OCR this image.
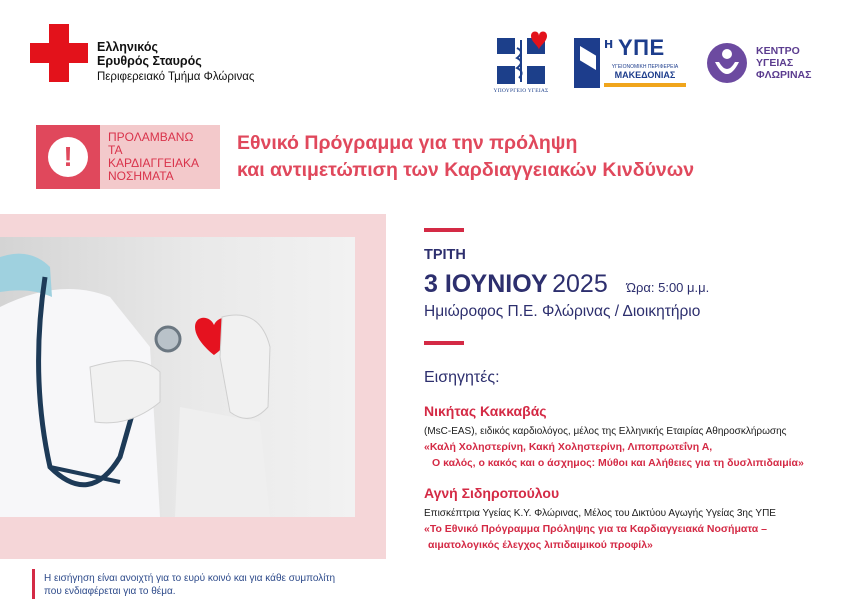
Ελληνικός
Ερυθρός Σταυρός
Περιφερειακό Τμήμα Φλώρινας
ΥΠΟΥΡΓΕΙΟ ΥΓΕΙΑΣ
Η ΥΠΕ
ΥΓΕΙΟΝΟΜΙΚΗ ΠΕΡΙΦΕΡΕΙΑ
ΜΑΚΕΔΟΝΙΑΣ
ΚΕΝΤΡΟ
ΥΓΕΙΑΣ
ΦΛΩΡΙΝΑΣ
!
ΠΡΟΛΑΜΒΑΝΩ
ΤΑ
ΚΑΡΔΙΑΓΓΕΙΑΚΑ
ΝΟΣΗΜΑΤΑ
Εθνικό Πρόγραμμα για την πρόληψη
και αντιμετώπιση των Καρδιαγγειακών Κινδύνων
ΤΡΙΤΗ
3 ΙΟΥΝΙΟΥ 2025 Ώρα: 5:00 μ.μ.
Ημιώροφος Π.Ε. Φλώρινας / Διοικητήριο
Εισηγητές:
Νικήτας Κακκαβάς
(MsC-EAS), ειδικός καρδιολόγος, μέλος της Ελληνικής Εταιρίας Αθηροσκλήρωσης
«Καλή Χοληστερίνη, Κακή Χοληστερίνη, Λιποπρωτεΐνη Α,
Ο καλός, ο κακός και ο άσχημος: Μύθοι και Αλήθειες για τη δυσλιπιδαιμία»
Αγνή Σιδηροπούλου
Επισκέπτρια Υγείας Κ.Υ. Φλώρινας, Μέλος του Δικτύου Αγωγής Υγείας 3ης ΥΠΕ
«Το Εθνικό Πρόγραμμα Πρόληψης για τα Καρδιαγγειακά Νοσήματα –
αιματολογικός έλεγχος λιπιδαιμικού προφίλ»
Η εισήγηση είναι ανοιχτή για το ευρύ κοινό και για κάθε συμπολίτη
που ενδιαφέρεται για το θέμα.
